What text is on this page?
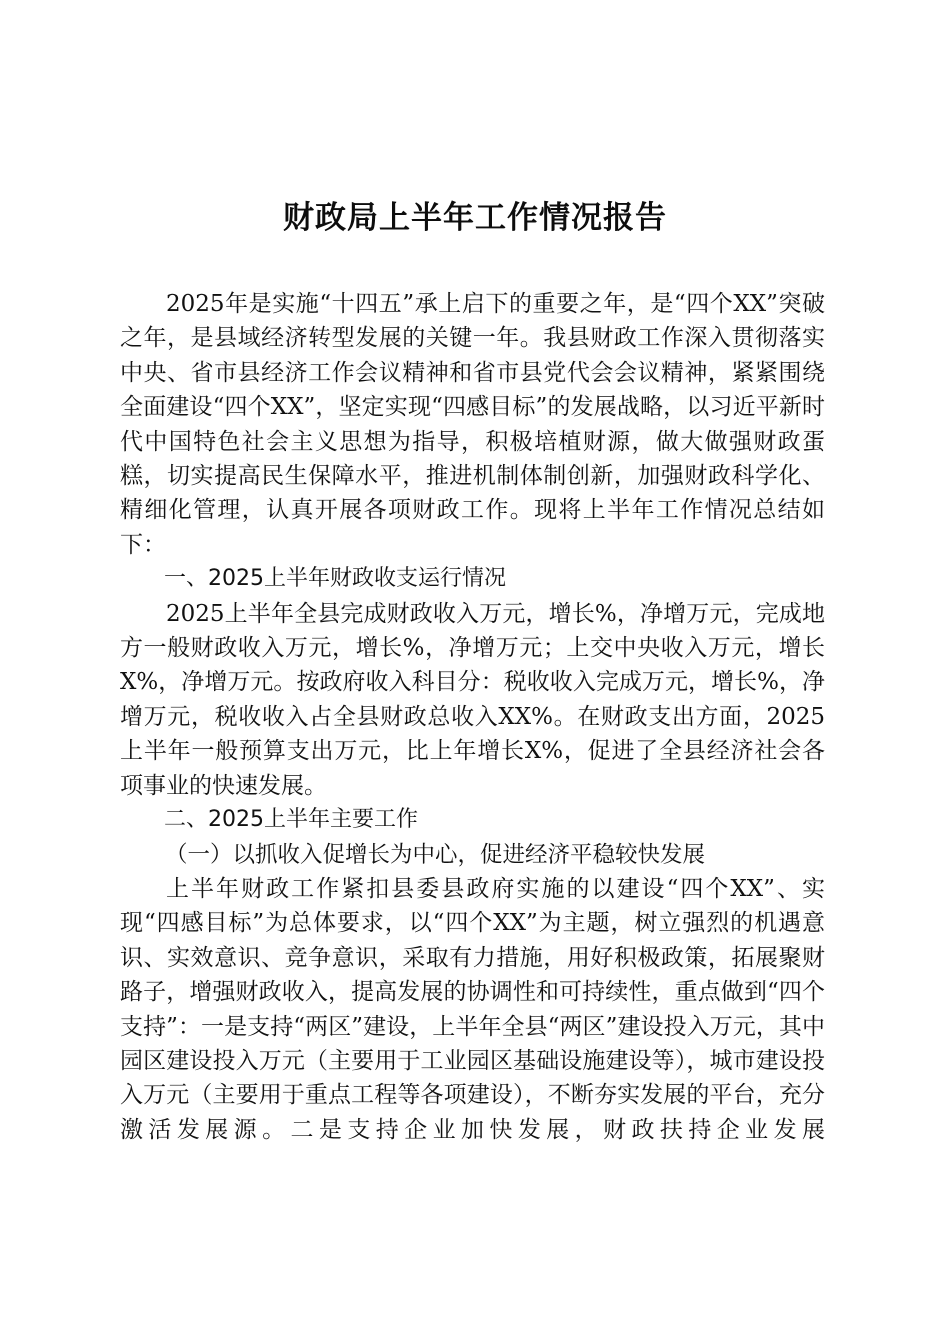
财政局上半年工作情况报告

2025年是实施“十四五”承上启下的重要之年，是“四个XX”突破之年，是县域经济转型发展的关键一年。我县财政工作深入贯彻落实中央、省市县经济工作会议精神和省市县党代会会议精神，紧紧围绕全面建设“四个XX”，坚定实现“四感目标”的发展战略，以习近平新时代中国特色社会主义思想为指导，积极培植财源，做大做强财政蛋糕，切实提高民生保障水平，推进机制体制创新，加强财政科学化、精细化管理，认真开展各项财政工作。现将上半年工作情况总结如下：

一、2025上半年财政收支运行情况

2025上半年全县完成财政收入万元，增长%，净增万元，完成地方一般财政收入万元，增长%，净增万元；上交中央收入万元，增长X%，净增万元。按政府收入科目分：税收收入完成万元，增长%，净增万元，税收收入占全县财政总收入XX%。在财政支出方面，2025上半年一般预算支出万元，比上年增长X%，促进了全县经济社会各项事业的快速发展。

二、2025上半年主要工作

（一）以抓收入促增长为中心，促进经济平稳较快发展

上半年财政工作紧扣县委县政府实施的以建设“四个XX”、实现“四感目标”为总体要求，以“四个XX”为主题，树立强烈的机遇意识、实效意识、竞争意识，采取有力措施，用好积极政策，拓展聚财路子，增强财政收入，提高发展的协调性和可持续性，重点做到“四个支持”：一是支持“两区”建设，上半年全县“两区”建设投入万元，其中园区建设投入万元（主要用于工业园区基础设施建设等），城市建设投入万元（主要用于重点工程等各项建设），不断夯实发展的平台，充分激活发展源。二是支持企业加快发展，财政扶持企业发展
